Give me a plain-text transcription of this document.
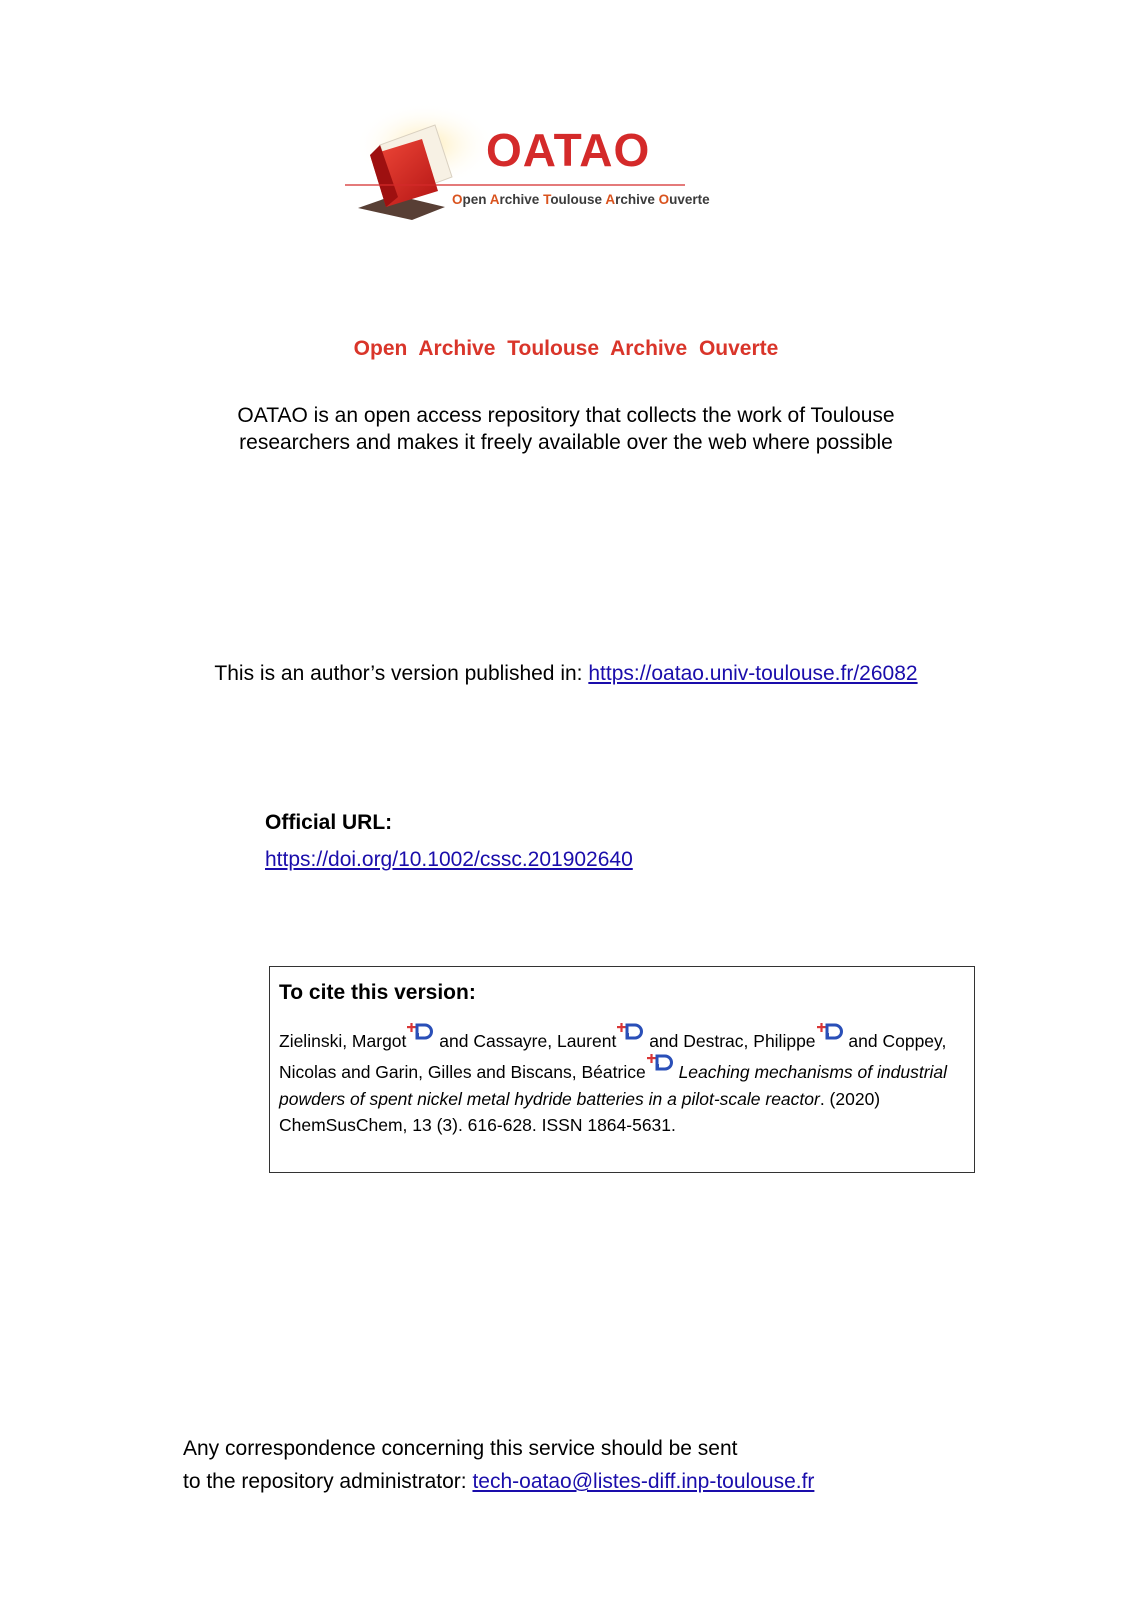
OATAO
Open Archive Toulouse Archive Ouverte
Open Archive Toulouse Archive Ouverte
OATAO is an open access repository that collects the work of Toulouse
researchers and makes it freely available over the web where possible
This is an author’s version published in: https://oatao.univ-toulouse.fr/26082
Official URL:
https://doi.org/10.1002/cssc.201902640
To cite this version:
Zielinski, Margot and Cassayre, Laurent and Destrac, Philippe and Coppey, Nicolas and Garin, Gilles and Biscans, Béatrice Leaching mechanisms of industrial powders of spent nickel metal hydride batteries in a pilot-scale reactor. (2020) ChemSusChem, 13 (3). 616-628. ISSN 1864-5631.
Any correspondence concerning this service should be sent
to the repository administrator: tech-oatao@listes-diff.inp-toulouse.fr
